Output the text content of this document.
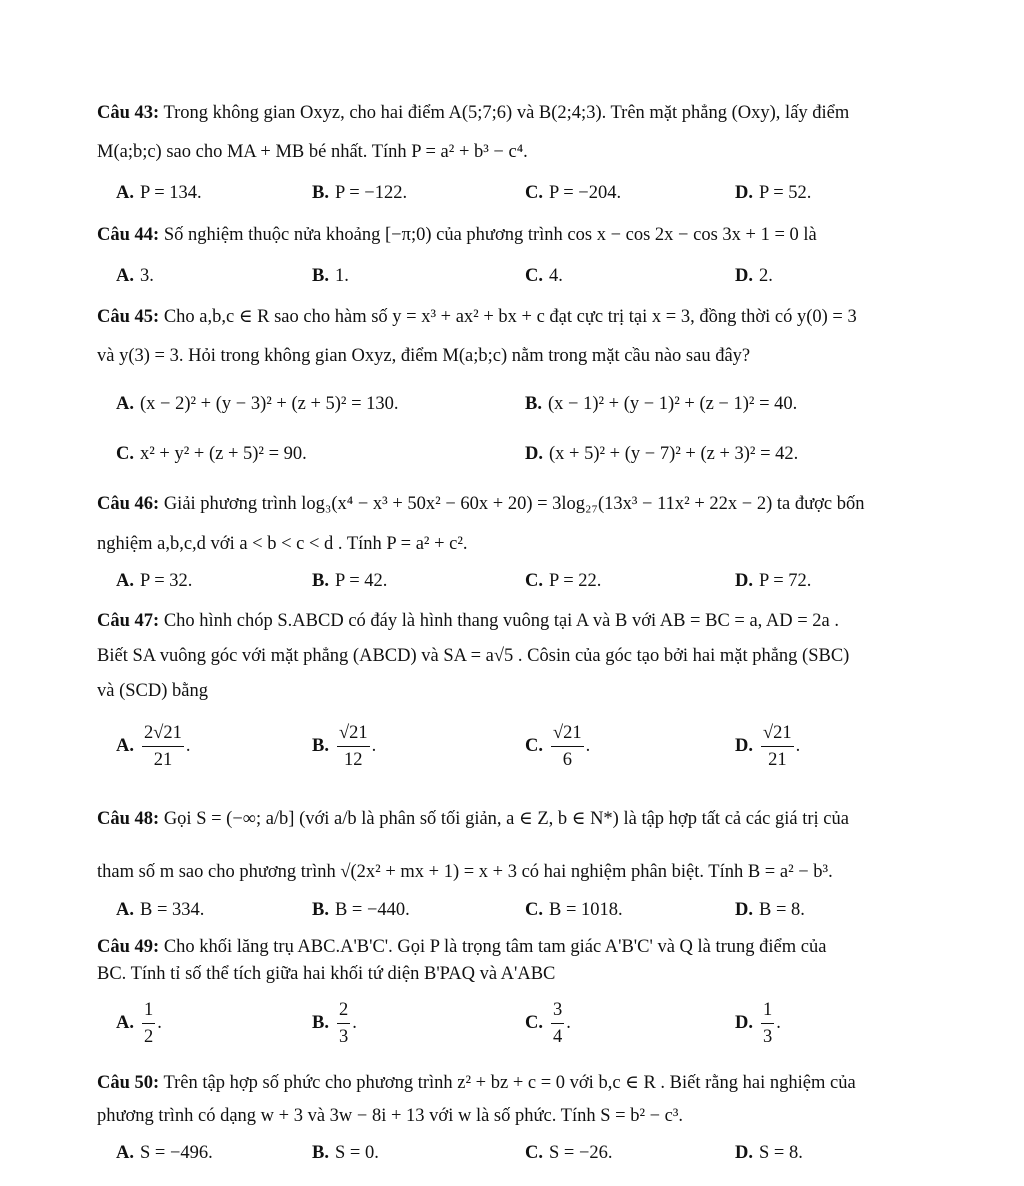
Câu 43: Trong không gian Oxyz, cho hai điểm A(5;7;6) và B(2;4;3). Trên mặt phẳng (Oxy), lấy điểm
M(a;b;c) sao cho MA + MB bé nhất. Tính P = a² + b³ − c⁴.
A. P = 134.	B. P = −122.	C. P = −204.	D. P = 52.
Câu 44: Số nghiệm thuộc nửa khoảng [−π;0) của phương trình cos x − cos 2x − cos 3x + 1 = 0 là
A. 3.	B. 1.	C. 4.	D. 2.
Câu 45: Cho a,b,c ∈ R sao cho hàm số y = x³ + ax² + bx + c đạt cực trị tại x = 3, đồng thời có y(0) = 3
và y(3) = 3. Hỏi trong không gian Oxyz, điểm M(a;b;c) nằm trong mặt cầu nào sau đây?
A. (x − 2)² + (y − 3)² + (z + 5)² = 130.	B. (x − 1)² + (y − 1)² + (z − 1)² = 40.
C. x² + y² + (z + 5)² = 90.	D. (x + 5)² + (y − 7)² + (z + 3)² = 42.
Câu 46: Giải phương trình log₃(x⁴ − x³ + 50x² − 60x + 20) = 3log₂₇(13x³ − 11x² + 22x − 2) ta được bốn
nghiệm a,b,c,d với a < b < c < d . Tính P = a² + c².
A. P = 32.	B. P = 42.	C. P = 22.	D. P = 72.
Câu 47: Cho hình chóp S.ABCD có đáy là hình thang vuông tại A và B với AB = BC = a, AD = 2a .
Biết SA vuông góc với mặt phẳng (ABCD) và SA = a√5 . Côsin của góc tạo bởi hai mặt phẳng (SBC)
và (SCD) bằng
A. $\frac{2√21}{21}$ .	B. $\frac{√21}{12}$ .	C. $\frac{√21}{6}$ .	D. $\frac{√21}{21}$ .
Câu 48: Gọi S = (−∞; a/b] (với a/b là phân số tối giản, a ∈ Z, b ∈ N*) là tập hợp tất cả các giá trị của
tham số m sao cho phương trình √(2x² + mx + 1) = x + 3 có hai nghiệm phân biệt. Tính B = a² − b³.
A. B = 334.	B. B = −440.	C. B = 1018.	D. B = 8.
Câu 49: Cho khối lăng trụ ABC.A'B'C'. Gọi P là trọng tâm tam giác A'B'C' và Q là trung điểm của
BC. Tính tỉ số thể tích giữa hai khối tứ diện B'PAQ và A'ABC
A. $\frac{1}{2}$ .	B. $\frac{2}{3}$ .	C. $\frac{3}{4}$ .	D. $\frac{1}{3}$ .
Câu 50: Trên tập hợp số phức cho phương trình z² + bz + c = 0 với b,c ∈ R . Biết rằng hai nghiệm của
phương trình có dạng w + 3 và 3w − 8i + 13 với w là số phức. Tính S = b² − c³.
A. S = −496.	B. S = 0.	C. S = −26.	D. S = 8.
